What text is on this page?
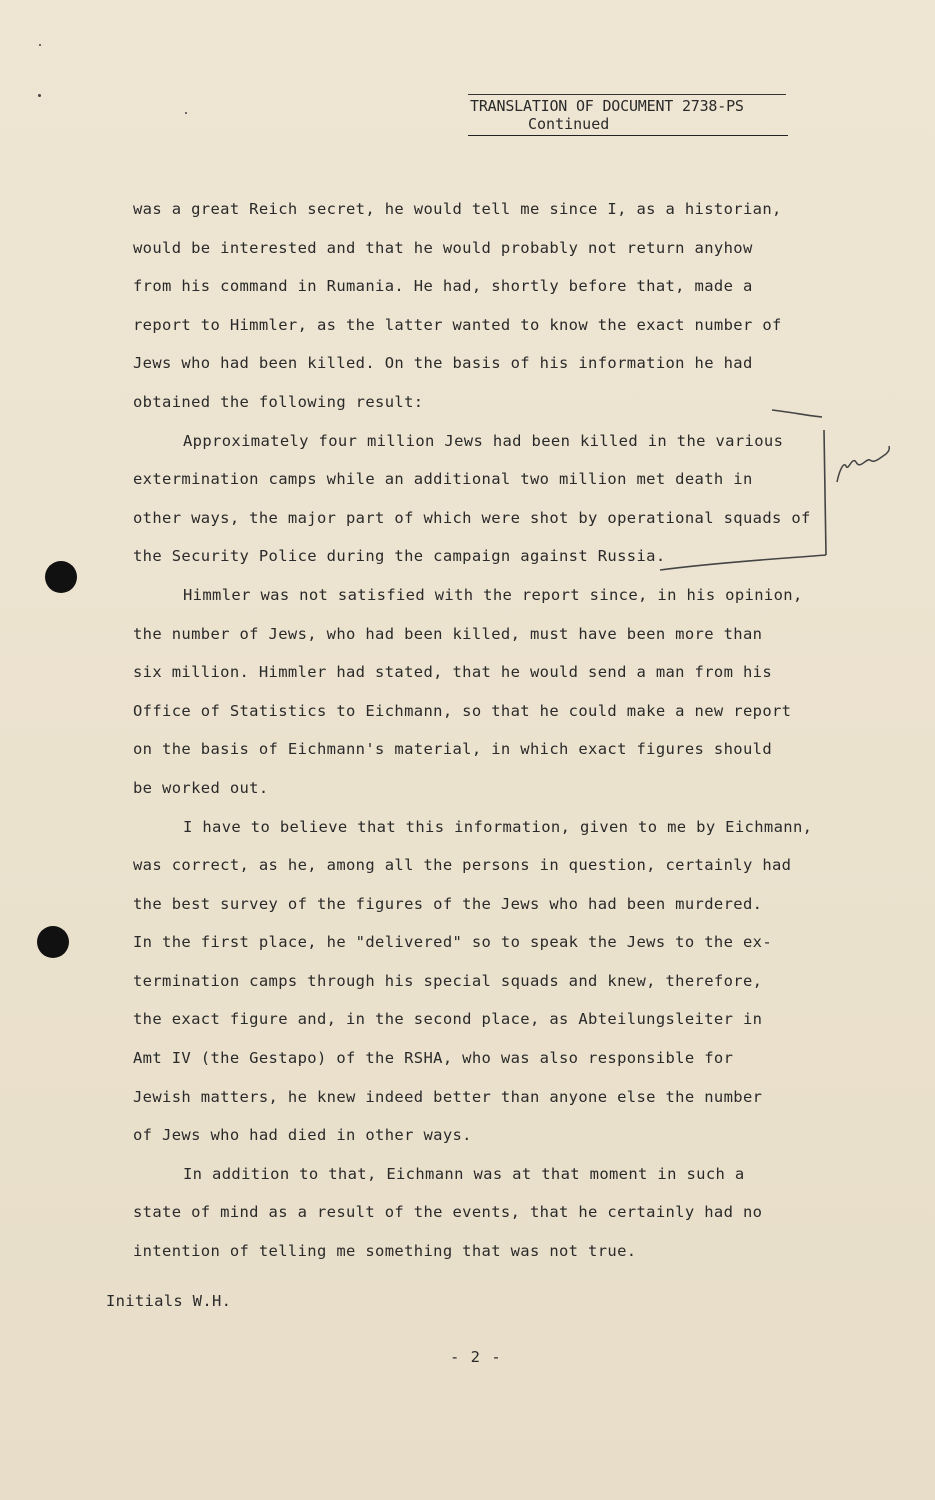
TRANSLATION OF DOCUMENT 2738-PS
Continued

was a great Reich secret, he would tell me since I, as a historian,
would be interested and that he would probably not return anyhow
from his command in Rumania. He had, shortly before that, made a
report to Himmler, as the latter wanted to know the exact number of
Jews who had been killed. On the basis of his information he had
obtained the following result:

Approximately four million Jews had been killed in the various
extermination camps while an additional two million met death in
other ways, the major part of which were shot by operational squads of
the Security Police during the campaign against Russia.

Himmler was not satisfied with the report since, in his opinion,
the number of Jews, who had been killed, must have been more than
six million. Himmler had stated, that he would send a man from his
Office of Statistics to Eichmann, so that he could make a new report
on the basis of Eichmann's material, in which exact figures should
be worked out.

I have to believe that this information, given to me by Eichmann,
was correct, as he, among all the persons in question, certainly had
the best survey of the figures of the Jews who had been murdered.
In the first place, he "delivered" so to speak the Jews to the ex-
termination camps through his special squads and knew, therefore,
the exact figure and, in the second place, as Abteilungsleiter in
Amt IV (the Gestapo) of the RSHA, who was also responsible for
Jewish matters, he knew indeed better than anyone else the number
of Jews who had died in other ways.

In addition to that, Eichmann was at that moment in such a
state of mind as a result of the events, that he certainly had no
intention of telling me something that was not true.

Initials W.H.
- 2 -
